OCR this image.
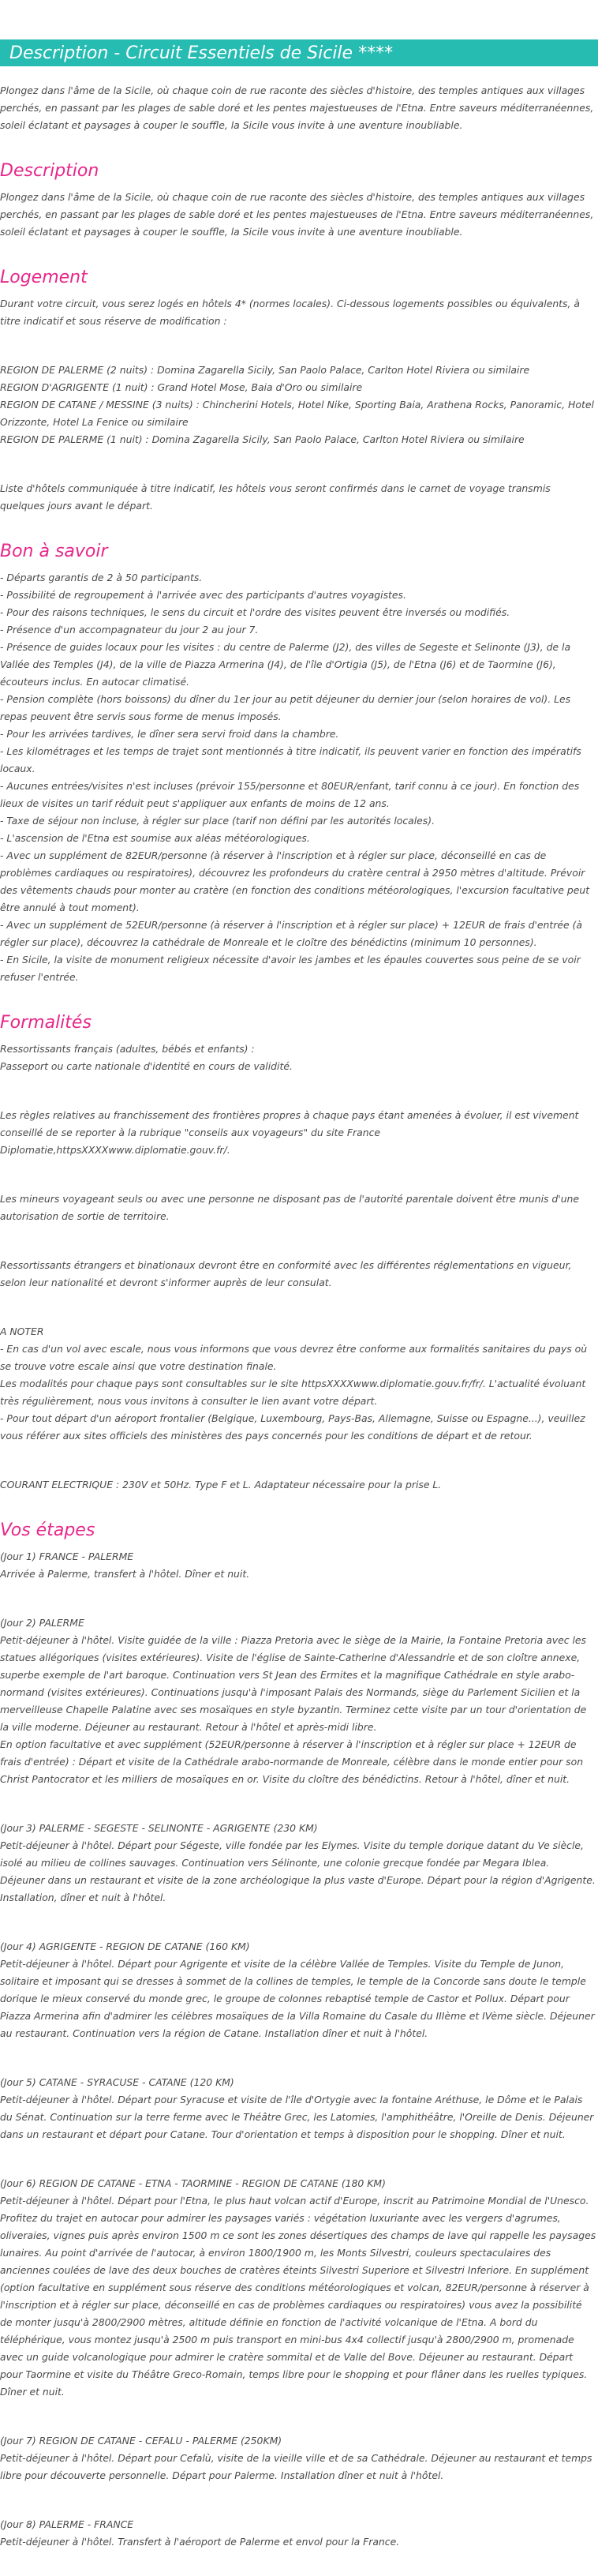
Description - Circuit Essentiels de Sicile ****

Plongez dans l'âme de la Sicile, où chaque coin de rue raconte des siècles d'histoire, des temples antiques aux villages perchés, en passant par les plages de sable doré et les pentes majestueuses de l'Etna. Entre saveurs méditerranéennes, soleil éclatant et paysages à couper le souffle, la Sicile vous invite à une aventure inoubliable.

Description

Plongez dans l'âme de la Sicile, où chaque coin de rue raconte des siècles d'histoire, des temples antiques aux villages perchés, en passant par les plages de sable doré et les pentes majestueuses de l'Etna. Entre saveurs méditerranéennes, soleil éclatant et paysages à couper le souffle, la Sicile vous invite à une aventure inoubliable.

Logement

Durant votre circuit, vous serez logés en hôtels 4* (normes locales). Ci-dessous logements possibles ou équivalents, à titre indicatif et sous réserve de modification :

REGION DE PALERME (2 nuits) : Domina Zagarella Sicily, San Paolo Palace, Carlton Hotel Riviera ou similaire
REGION D'AGRIGENTE (1 nuit) : Grand Hotel Mose, Baia d'Oro ou similaire
REGION DE CATANE / MESSINE (3 nuits) : Chincherini Hotels, Hotel Nike, Sporting Baia, Arathena Rocks, Panoramic, Hotel Orizzonte, Hotel La Fenice ou similaire
REGION DE PALERME (1 nuit) : Domina Zagarella Sicily, San Paolo Palace, Carlton Hotel Riviera ou similaire

Liste d'hôtels communiquée à titre indicatif, les hôtels vous seront confirmés dans le carnet de voyage transmis quelques jours avant le départ.

Bon à savoir
- Départs garantis de 2 à 50 participants.
- Possibilité de regroupement à l'arrivée avec des participants d'autres voyagistes.
- Pour des raisons techniques, le sens du circuit et l'ordre des visites peuvent être inversés ou modifiés.
- Présence d'un accompagnateur du jour 2 au jour 7.
- Présence de guides locaux pour les visites : du centre de Palerme (J2), des villes de Segeste et Selinonte (J3), de la Vallée des Temples (J4), de la ville de Piazza Armerina (J4), de l'île d'Ortigia (J5), de l'Etna (J6) et de Taormine (J6), écouteurs inclus. En autocar climatisé.
- Pension complète (hors boissons) du dîner du 1er jour au petit déjeuner du dernier jour (selon horaires de vol). Les repas peuvent être servis sous forme de menus imposés.
- Pour les arrivées tardives, le dîner sera servi froid dans la chambre.
- Les kilométrages et les temps de trajet sont mentionnés à titre indicatif, ils peuvent varier en fonction des impératifs locaux.
- Aucunes entrées/visites n'est incluses (prévoir 155/personne et 80EUR/enfant, tarif connu à ce jour). En fonction des lieux de visites un tarif réduit peut s'appliquer aux enfants de moins de 12 ans.
- Taxe de séjour non incluse, à régler sur place (tarif non défini par les autorités locales).
- L'ascension de l'Etna est soumise aux aléas météorologiques.
- Avec un supplément de 82EUR/personne (à réserver à l'inscription et à régler sur place, déconseillé en cas de problèmes cardiaques ou respiratoires), découvrez les profondeurs du cratère central à 2950 mètres d'altitude. Prévoir des vêtements chauds pour monter au cratère (en fonction des conditions météorologiques, l'excursion facultative peut être annulé à tout moment).
- Avec un supplément de 52EUR/personne (à réserver à l'inscription et à régler sur place) + 12EUR de frais d'entrée (à régler sur place), découvrez la cathédrale de Monreale et le cloître des bénédictins (minimum 10 personnes).
- En Sicile, la visite de monument religieux nécessite d'avoir les jambes et les épaules couvertes sous peine de se voir refuser l'entrée.
Formalités
Ressortissants français (adultes, bébés et enfants) :
Passeport ou carte nationale d'identité en cours de validité.

Les règles relatives au franchissement des frontières propres à chaque pays étant amenées à évoluer, il est vivement conseillé de se reporter à la rubrique "conseils aux voyageurs" du site France Diplomatie,httpsXXXXwww.diplomatie.gouv.fr/.

Les mineurs voyageant seuls ou avec une personne ne disposant pas de l'autorité parentale doivent être munis d'une autorisation de sortie de territoire.

Ressortissants étrangers et binationaux devront être en conformité avec les différentes réglementations en vigueur, selon leur nationalité et devront s'informer auprès de leur consulat.

A NOTER
- En cas d'un vol avec escale, nous vous informons que vous devrez être conforme aux formalités sanitaires du pays où se trouve votre escale ainsi que votre destination finale.
Les modalités pour chaque pays sont consultables sur le site httpsXXXXwww.diplomatie.gouv.fr/fr/. L'actualité évoluant très régulièrement, nous vous invitons à consulter le lien avant votre départ.
- Pour tout départ d'un aéroport frontalier (Belgique, Luxembourg, Pays-Bas, Allemagne, Suisse ou Espagne...), veuillez vous référer aux sites officiels des ministères des pays concernés pour les conditions de départ et de retour.
COURANT ELECTRIQUE : 230V et 50Hz. Type F et L. Adaptateur nécessaire pour la prise L.
Vos étapes
(Jour 1) FRANCE - PALERME
Arrivée à Palerme, transfert à l'hôtel. Dîner et nuit.
(Jour 2) PALERME
Petit-déjeuner à l'hôtel. Visite guidée de la ville : Piazza Pretoria avec le siège de la Mairie, la Fontaine Pretoria avec les statues allégoriques (visites extérieures). Visite de l'église de Sainte-Catherine d'Alessandrie et de son cloître annexe, superbe exemple de l'art baroque. Continuation vers St Jean des Ermites et la magnifique Cathédrale en style arabo-normand (visites extérieures). Continuations jusqu'à l'imposant Palais des Normands, siège du Parlement Sicilien et la merveilleuse Chapelle Palatine avec ses mosaïques en style byzantin. Terminez cette visite par un tour d'orientation de la ville moderne. Déjeuner au restaurant. Retour à l'hôtel et après-midi libre.
En option facultative et avec supplément (52EUR/personne à réserver à l'inscription et à régler sur place + 12EUR de frais d'entrée) : Départ et visite de la Cathédrale arabo-normande de Monreale, célèbre dans le monde entier pour son Christ Pantocrator et les milliers de mosaïques en or. Visite du cloître des bénédictins. Retour à l'hôtel, dîner et nuit.
(Jour 3) PALERME - SEGESTE - SELINONTE - AGRIGENTE (230 KM)
Petit-déjeuner à l'hôtel. Départ pour Ségeste, ville fondée par les Elymes. Visite du temple dorique datant du Ve siècle, isolé au milieu de collines sauvages. Continuation vers Sélinonte, une colonie grecque fondée par Megara Iblea. Déjeuner dans un restaurant et visite de la zone archéologique la plus vaste d'Europe. Départ pour la région d'Agrigente. Installation, dîner et nuit à l'hôtel.
(Jour 4) AGRIGENTE - REGION DE CATANE (160 KM)
Petit-déjeuner à l'hôtel. Départ pour Agrigente et visite de la célèbre Vallée de Temples. Visite du Temple de Junon, solitaire et imposant qui se dresses à sommet de la collines de temples, le temple de la Concorde sans doute le temple dorique le mieux conservé du monde grec, le groupe de colonnes rebaptisé temple de Castor et Pollux. Départ pour Piazza Armerina afin d'admirer les célèbres mosaïques de la Villa Romaine du Casale du IIIème et IVème siècle. Déjeuner au restaurant. Continuation vers la région de Catane. Installation dîner et nuit à l'hôtel.
(Jour 5) CATANE - SYRACUSE - CATANE (120 KM)
Petit-déjeuner à l'hôtel. Départ pour Syracuse et visite de l'île d'Ortygie avec la fontaine Aréthuse, le Dôme et le Palais du Sénat. Continuation sur la terre ferme avec le Théâtre Grec, les Latomies, l'amphithéâtre, l'Oreille de Denis. Déjeuner dans un restaurant et départ pour Catane. Tour d'orientation et temps à disposition pour le shopping. Dîner et nuit.
(Jour 6) REGION DE CATANE - ETNA - TAORMINE - REGION DE CATANE (180 KM)
Petit-déjeuner à l'hôtel. Départ pour l'Etna, le plus haut volcan actif d'Europe, inscrit au Patrimoine Mondial de l'Unesco. Profitez du trajet en autocar pour admirer les paysages variés : végétation luxuriante avec les vergers d'agrumes, oliveraies, vignes puis après environ 1500 m ce sont les zones désertiques des champs de lave qui rappelle les paysages lunaires. Au point d'arrivée de l'autocar, à environ 1800/1900 m, les Monts Silvestri, couleurs spectaculaires des anciennes coulées de lave des deux bouches de cratères éteints Silvestri Superiore et Silvestri Inferiore. En supplément (option facultative en supplément sous réserve des conditions météorologiques et volcan, 82EUR/personne à réserver à l'inscription et à régler sur place, déconseillé en cas de problèmes cardiaques ou respiratoires) vous avez la possibilité de monter jusqu'à 2800/2900 mètres, altitude définie en fonction de l'activité volcanique de l'Etna. A bord du téléphérique, vous montez jusqu'à 2500 m puis transport en mini-bus 4x4 collectif jusqu'à 2800/2900 m, promenade avec un guide volcanologique pour admirer le cratère sommital et de Valle del Bove. Déjeuner au restaurant. Départ pour Taormine et visite du Théâtre Greco-Romain, temps libre pour le shopping et pour flâner dans les ruelles typiques. Dîner et nuit.
(Jour 7) REGION DE CATANE - CEFALU - PALERME (250KM)
Petit-déjeuner à l'hôtel. Départ pour Cefalù, visite de la vieille ville et de sa Cathédrale. Déjeuner au restaurant et temps libre pour découverte personnelle. Départ pour Palerme. Installation dîner et nuit à l'hôtel.
(Jour 8) PALERME - FRANCE
Petit-déjeuner à l'hôtel. Transfert à l'aéroport de Palerme et envol pour la France.
